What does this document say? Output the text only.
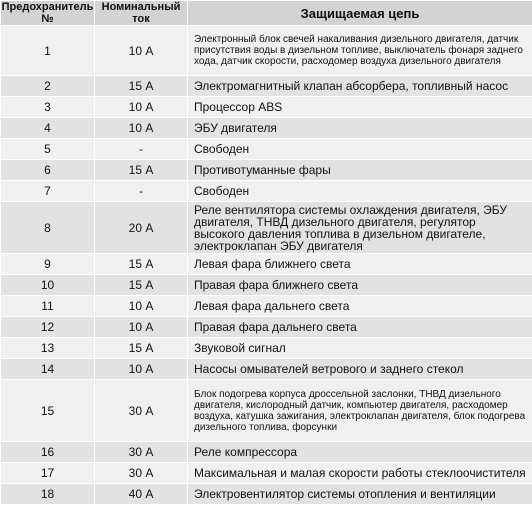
Предохранитель №	Номинальный ток	Защищаемая цепь
1	10 А	Электронный блок свечей накаливания дизельного двигателя, датчик присутствия воды в дизельном топливе, выключатель фонаря заднего хода, датчик скорости, расходомер воздуха дизельного двигателя
2	15 А	Электромагнитный клапан абсорбера, топливный насос
3	10 А	Процессор ABS
4	10 А	ЭБУ двигателя
5	-	Свободен
6	15 А	Противотуманные фары
7	-	Свободен
8	20 А	Реле вентилятора системы охлаждения двигателя, ЭБУ двигателя, ТНВД дизельного двигателя, регулятор высокого давления топлива в дизельном двигателе, электроклапан ЭБУ двигателя
9	15 А	Левая фара ближнего света
10	15 А	Правая фара ближнего света
11	10 А	Левая фара дальнего света
12	10 А	Правая фара дальнего света
13	15 А	Звуковой сигнал
14	10 А	Насосы омывателей ветрового и заднего стекол
15	30 А	Блок подогрева корпуса дроссельной заслонки, ТНВД дизельного двигателя, кислородный датчик, компьютер двигателя, расходомер воздуха, катушка зажигания, электроклапан двигателя, блок подогрева дизельного топлива, форсунки
16	30 А	Реле компрессора
17	30 А	Максимальная и малая скорости работы стеклоочистителя
18	40 А	Электровентилятор системы отопления и вентиляции
